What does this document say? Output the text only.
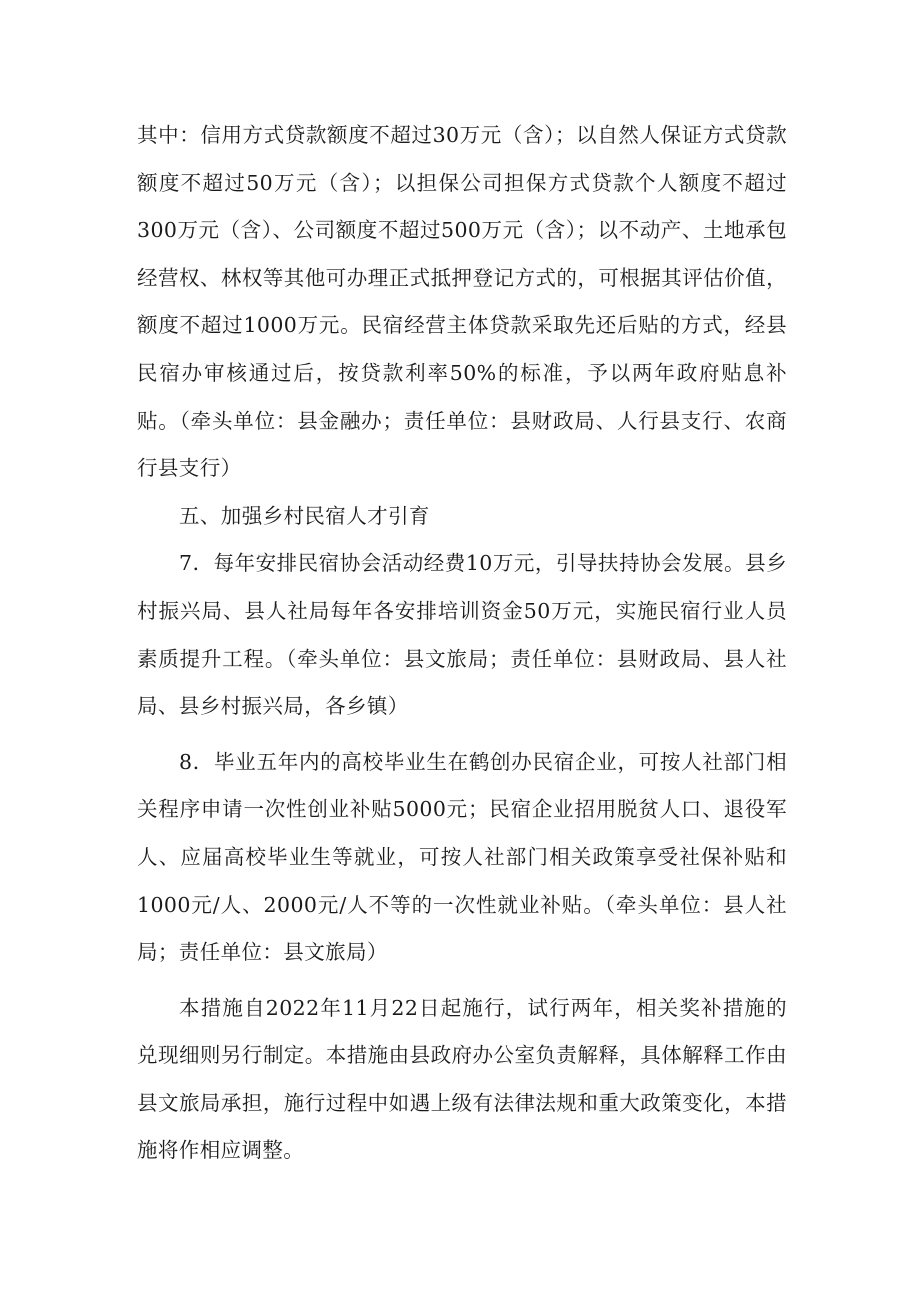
其中：信用方式贷款额度不超过30万元（含）；以自然人保证方式贷款额度不超过50万元（含）；以担保公司担保方式贷款个人额度不超过300万元（含）、公司额度不超过500万元（含）；以不动产、土地承包经营权、林权等其他可办理正式抵押登记方式的，可根据其评估价值，额度不超过1000万元。民宿经营主体贷款采取先还后贴的方式，经县民宿办审核通过后，按贷款利率50%的标准，予以两年政府贴息补贴。（牵头单位：县金融办；责任单位：县财政局、人行县支行、农商行县支行）

五、加强乡村民宿人才引育

7．每年安排民宿协会活动经费10万元，引导扶持协会发展。县乡村振兴局、县人社局每年各安排培训资金50万元，实施民宿行业人员素质提升工程。（牵头单位：县文旅局；责任单位：县财政局、县人社局、县乡村振兴局，各乡镇）

8．毕业五年内的高校毕业生在鹤创办民宿企业，可按人社部门相关程序申请一次性创业补贴5000元；民宿企业招用脱贫人口、退役军人、应届高校毕业生等就业，可按人社部门相关政策享受社保补贴和1000元/人、2000元/人不等的一次性就业补贴。（牵头单位：县人社局；责任单位：县文旅局）

本措施自2022年11月22日起施行，试行两年，相关奖补措施的兑现细则另行制定。本措施由县政府办公室负责解释，具体解释工作由县文旅局承担，施行过程中如遇上级有法律法规和重大政策变化，本措施将作相应调整。
